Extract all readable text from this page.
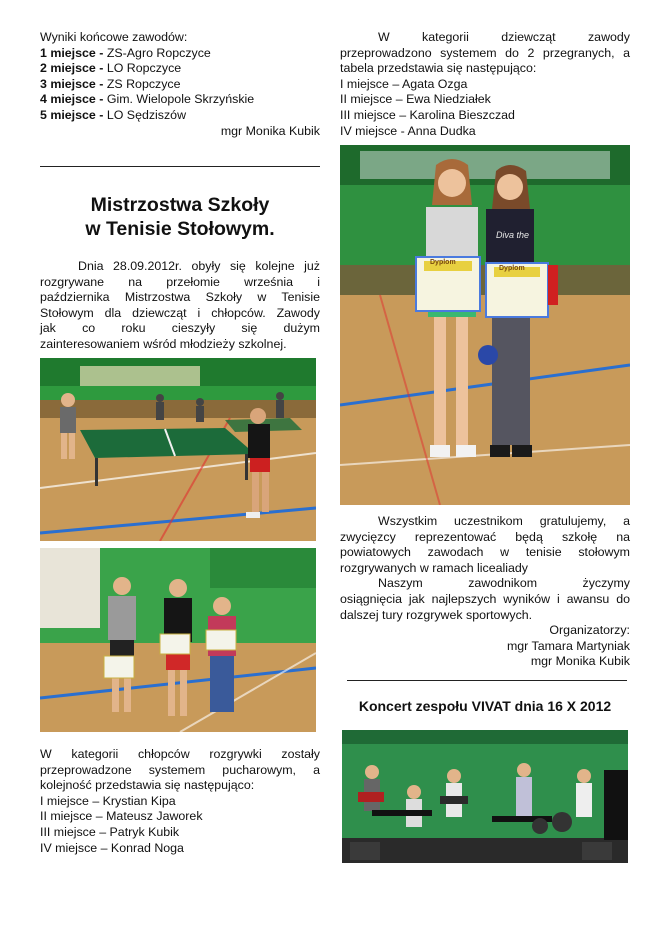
Wyniki końcowe zawodów:
1 miejsce - ZS-Agro Ropczyce
2 miejsce - LO Ropczyce
3 miejsce - ZS Ropczyce
4 miejsce - Gim. Wielopole Skrzyńskie
5 miejsce - LO Sędziszów
mgr Monika Kubik
Mistrzostwa Szkoły
w Tenisie Stołowym.
Dnia 28.09.2012r. obyły się kolejne już
rozgrywane na przełomie września i
października Mistrzostwa Szkoły w Tenisie
Stołowym dla dziewcząt i chłopców. Zawody
jak co roku cieszyły się dużym
zainteresowaniem wśród młodzieży szkolnej.
W kategorii chłopców rozgrywki zostały
przeprowadzone systemem pucharowym, a
kolejność przedstawia się następująco:
I miejsce – Krystian Kipa
II miejsce – Mateusz Jaworek
III miejsce – Patryk Kubik
IV miejsce – Konrad Noga
W kategorii dziewcząt zawody
przeprowadzono systemem do 2 przegranych, a
tabela przedstawia się następująco:
I miejsce – Agata Ozga
II miejsce – Ewa Niedziałek
III miejsce – Karolina Bieszczad
IV miejsce - Anna Dudka
Dyplom
Dyplom
Diva the
Wszystkim uczestnikom gratulujemy, a
zwycięzcy reprezentować będą szkołę na
powiatowych zawodach w tenisie stołowym
rozgrywanych w ramach licealiady
Naszym zawodnikom życzymy
osiągnięcia jak najlepszych wyników i awansu do
dalszej tury rozgrywek sportowych.
Organizatorzy:
mgr Tamara Martyniak
mgr Monika Kubik
Koncert zespołu VIVAT dnia 16 X 2012
